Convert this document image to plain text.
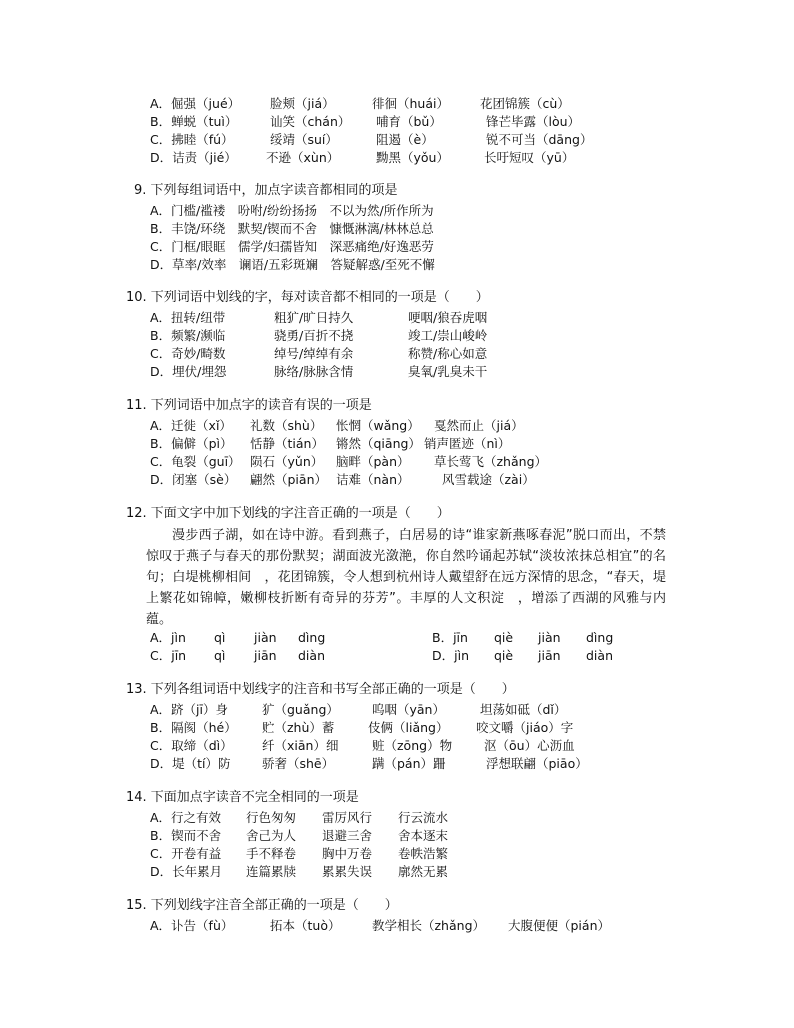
A．倔强（jué） 脸颊（jiá）	徘徊（huái） 花团锦簇（cù）
B．蝉蜕（tuì）	讪笑（chán） 哺育（bǔ）	锋芒毕露（lòu）
C．拂睦（fú）	绥靖（suí）	阻遏（è）	锐不可当（dāng）
D．诘责（jié） 不逊（xùn）	黝黑（yǒu）	长吁短叹（yū）
9. 下列每组词语中，加点字读音都相同的项是
A．门槛/褴褛　吩咐/纷纷扬扬　不以为然/所作所为
B．丰饶/环绕　默契/锲而不舍　慷慨淋漓/林林总总
C．门框/眼眶　儒学/妇孺皆知　深恶痛绝/好逸恶劳
D．草率/效率　谰语/五彩斑斓　答疑解惑/至死不懈
10. 下列词语中划线的字，每对读音都不相同的一项是（　　）
A．扭转/纽带	粗犷/旷日持久	哽咽/狼吞虎咽
B．频繁/濒临	骁勇/百折不挠	竣工/崇山峻岭
C．奇妙/畸数	绰号/绰绰有余	称赞/称心如意
D．埋伏/埋怨	脉络/脉脉含情	臭氧/乳臭未干
11. 下列词语中加点字的读音有误的一项是
A．迁徙（xǐ） 礼数（shù） 怅惘（wǎng） 戛然而止（jiá）
B．偏僻（pì） 恬静（tián） 锵然（qiāng） 销声匿迹（nì）
C．龟裂（guī） 陨石（yǔn） 脑畔（pàn） 草长莺飞（zhǎng）
D．闭塞（sè） 翩然（piān） 诘难（nàn）	风雪载途（zài）
12. 下面文字中加下划线的字注音正确的一项是（　　）

漫步西子湖，如在诗中游。看到燕子，白居易的诗“谁家新燕啄春泥”脱口而出，不禁惊叹于燕子与春天的那份默契；湖面波光潋滟，你自然吟诵起苏轼“淡妆浓抹总相宜”的名句；白堤桃柳相间　，花团锦簇，令人想到杭州诗人戴望舒在远方深情的思念，“春天，堤上繁花如锦幛，嫩柳枝折断有奇异的芬芳”。丰厚的人文积淀　，增添了西湖的风雅与内蕴。

A．jìn qì jiàn dìng	B．jīn qiè jiàn dìng
C．jīn qì jiān diàn	D．jìn qiè jiān diàn
13. 下列各组词语中划线字的注音和书写全部正确的一项是（　　）
A．跻（jī）身	犷（guǎng）	呜咽（yān）	坦荡如砥（dǐ）
B．隔阂（hé） 贮（zhù）蓄	伎俩（liǎng） 咬文嚼（jiáo）字
C．取缔（dì） 纤（xiān）细	赃（zōng）物	沤（ōu）心沥血
D．堤（tí）防	骄奢（shē）	蹒（pán）跚	浮想联翩（piāo）
14. 下面加点字读音不完全相同的一项是
A．行之有效 行色匆匆 雷厉风行 行云流水
B．锲而不舍 舍己为人 退避三舍 舍本逐末
C．开卷有益 手不释卷 胸中万卷 卷帙浩繁
D．长年累月 连篇累牍 累累失误 廓然无累
15. 下列划线字注音全部正确的一项是（　　）
A．讣告（fù）	拓本（tuò）	教学相长（zhǎng） 大腹便便（pián）
